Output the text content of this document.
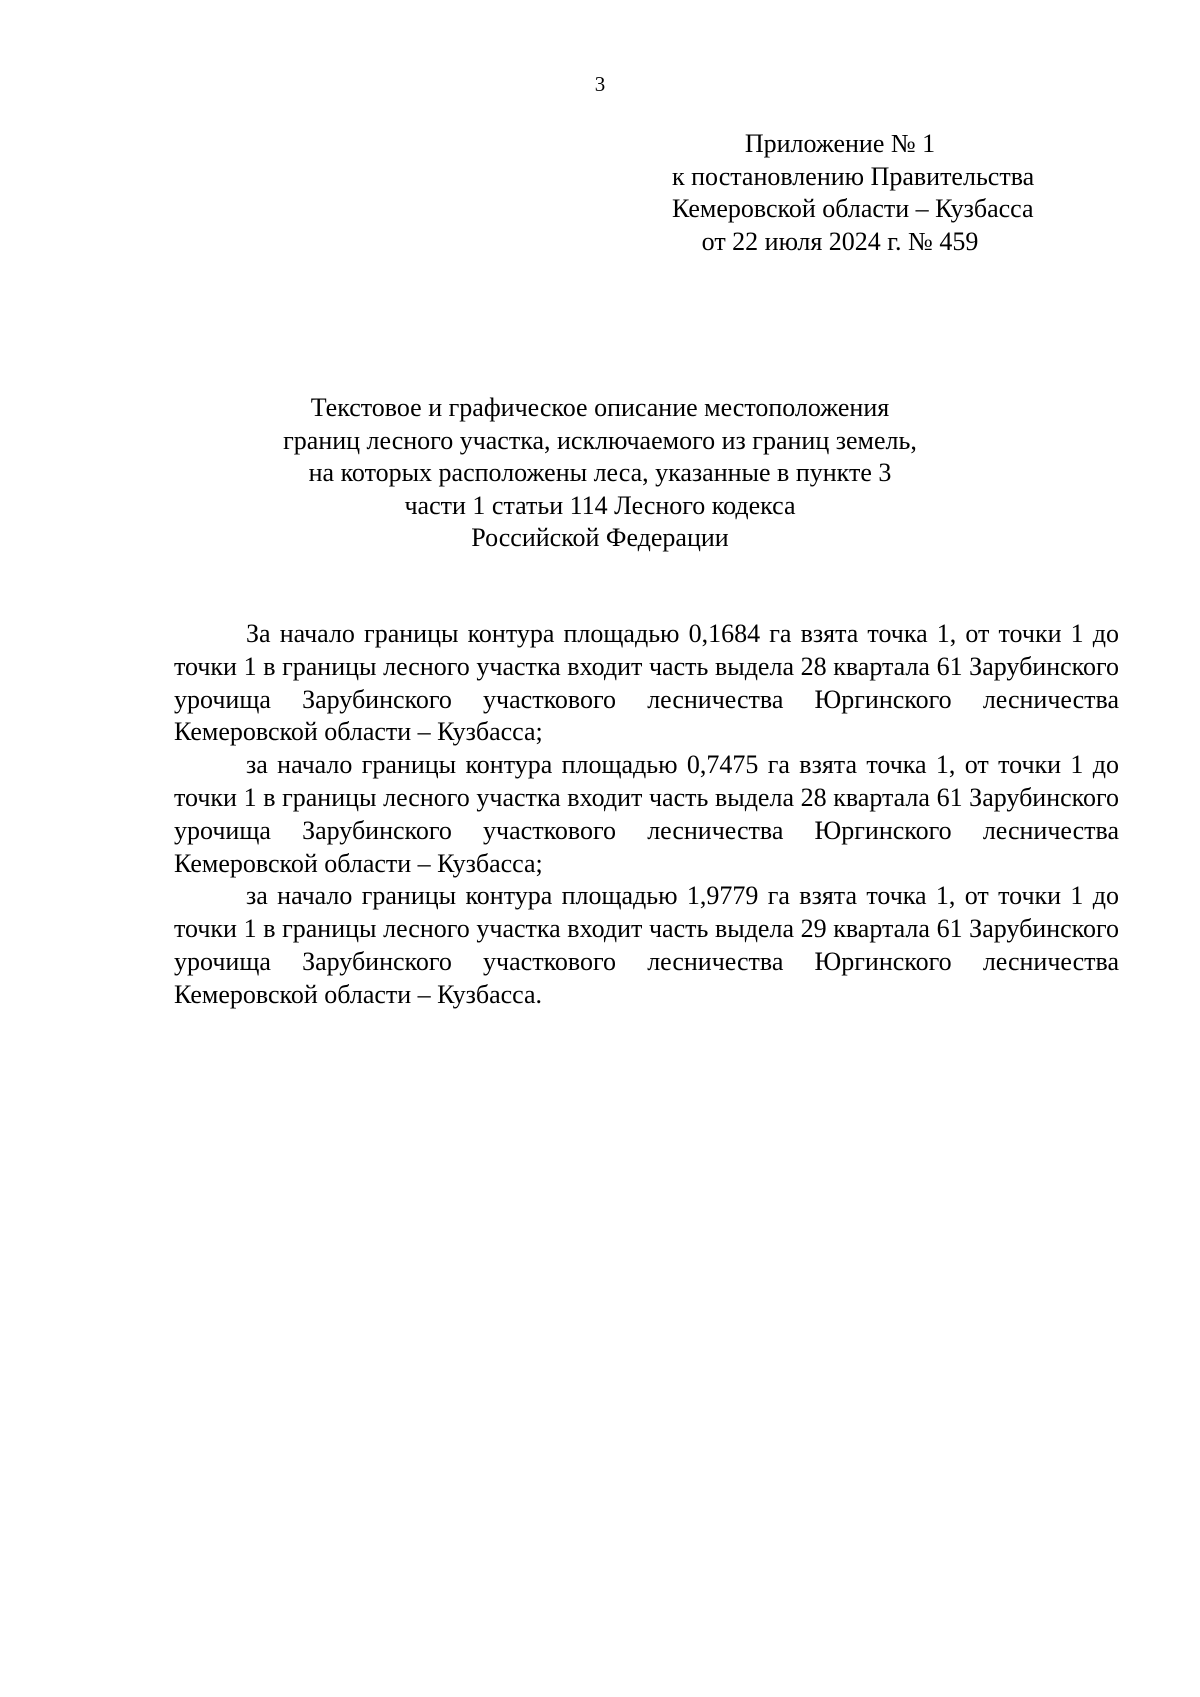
3
Приложение № 1
к постановлению Правительства
Кемеровской области – Кузбасса
от 22 июля 2024 г. № 459
Текстовое и графическое описание местоположения
границ лесного участка, исключаемого из границ земель,
на которых расположены леса, указанные в пункте 3
части 1 статьи 114 Лесного кодекса
Российской Федерации

За начало границы контура площадью 0,1684 га взята точка 1, от точки 1 до точки 1 в границы лесного участка входит часть выдела 28 квартала 61 Зарубинского урочища Зарубинского участкового лесничества Юргинского лесничества Кемеровской области – Кузбасса;

за начало границы контура площадью 0,7475 га взята точка 1, от точки 1 до точки 1 в границы лесного участка входит часть выдела 28 квартала 61 Зарубинского урочища Зарубинского участкового лесничества Юргинского лесничества Кемеровской области – Кузбасса;

за начало границы контура площадью 1,9779 га взята точка 1, от точки 1 до точки 1 в границы лесного участка входит часть выдела 29 квартала 61 Зарубинского урочища Зарубинского участкового лесничества Юргинского лесничества Кемеровской области – Кузбасса.
